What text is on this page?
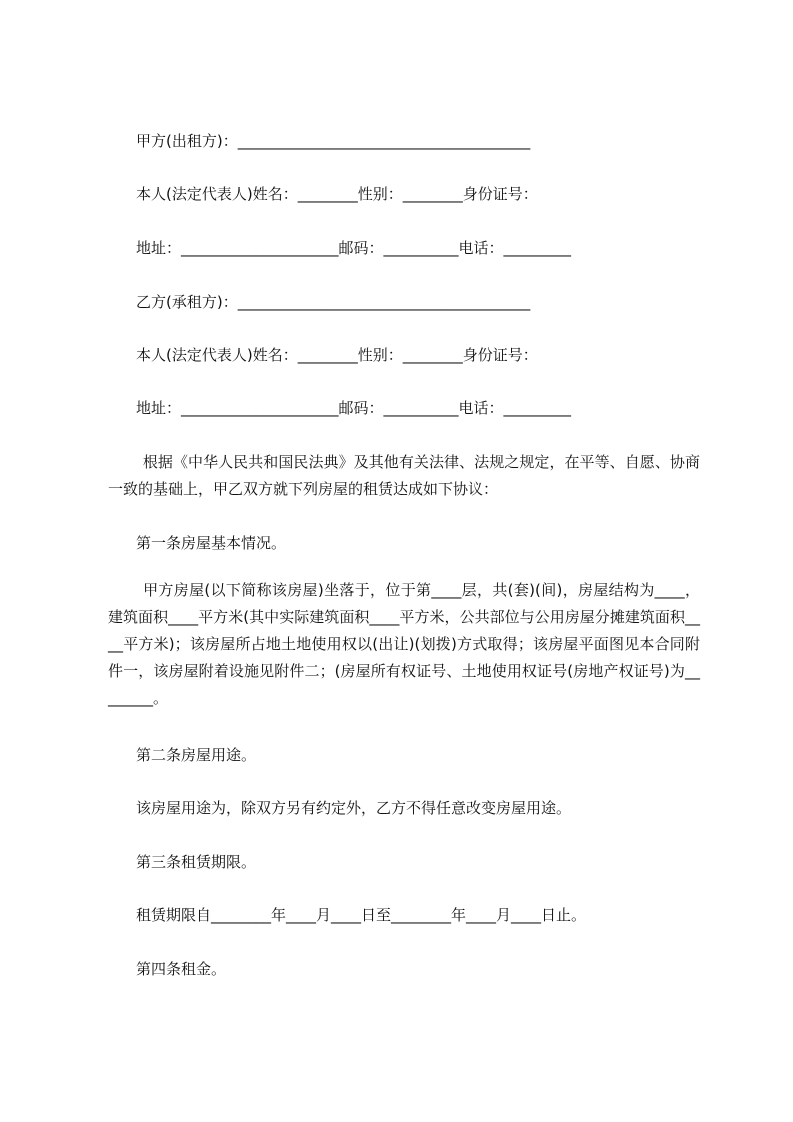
甲方(出租方)：_______________________________________

本人(法定代表人)姓名：________性别：________身份证号：

地址：_____________________邮码：__________电话：_________

乙方(承租方)：_______________________________________

本人(法定代表人)姓名：________性别：________身份证号：

地址：_____________________邮码：__________电话：_________

根据《中华人民共和国民法典》及其他有关法律、法规之规定，在平等、自愿、协商一致的基础上，甲乙双方就下列房屋的租赁达成如下协议：

第一条房屋基本情况。

甲方房屋(以下简称该房屋)坐落于，位于第____层，共(套)(间)，房屋结构为____，建筑面积____平方米(其中实际建筑面积____平方米，公共部位与公用房屋分摊建筑面积____平方米)；该房屋所占地土地使用权以(出让)(划拨)方式取得；该房屋平面图见本合同附件一，该房屋附着设施见附件二；(房屋所有权证号、土地使用权证号(房地产权证号)为________。

第二条房屋用途。

该房屋用途为，除双方另有约定外，乙方不得任意改变房屋用途。

第三条租赁期限。

租赁期限自________年____月____日至________年____月____日止。

第四条租金。
